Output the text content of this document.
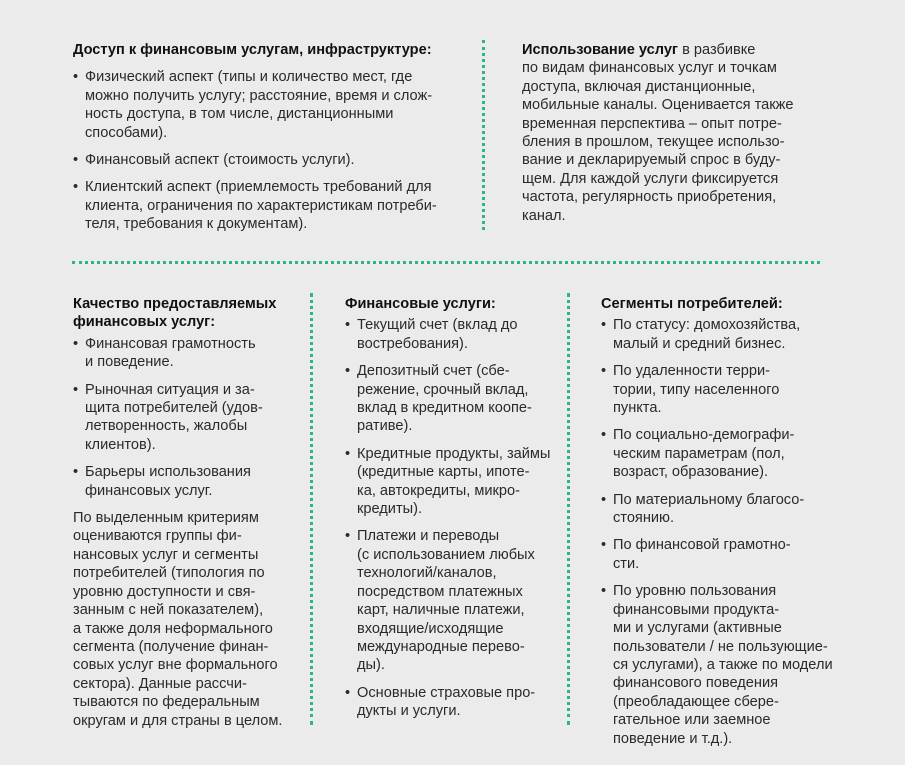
Доступ к финансовым услугам, инфраструктуре:
• Физический аспект (типы и количество мест, где
можно получить услугу; расстояние, время и слож-
ность доступа, в том числе, дистанционными
способами).
• Финансовый аспект (стоимость услуги).
• Клиентский аспект (приемлемость требований для
клиента, ограничения по характеристикам потреби-
теля, требования к документам).
Использование услуг в разбивке
по видам финансовых услуг и точкам
доступа, включая дистанционные,
мобильные каналы. Оценивается также
временная перспектива – опыт потре-
бления в прошлом, текущее использо-
вание и декларируемый спрос в буду-
щем. Для каждой услуги фиксируется
частота, регулярность приобретения,
канал.
Качество предоставляемых
финансовых услуг:
• Финансовая грамотность
и поведение.
• Рыночная ситуация и за-
щита потребителей (удов-
летворенность, жалобы
клиентов).
• Барьеры использования
финансовых услуг.

По выделенным критериям
оцениваются группы фи-
нансовых услуг и сегменты
потребителей (типология по
уровню доступности и свя-
занным с ней показателем),
а также доля неформального
сегмента (получение финан-
совых услуг вне формального
сектора). Данные рассчи-
тываются по федеральным
округам и для страны в целом.

Финансовые услуги:
• Текущий счет (вклад до
востребования).
• Депозитный счет (сбе-
режение, срочный вклад,
вклад в кредитном коопе-
ративе).
• Кредитные продукты, займы
(кредитные карты, ипоте-
ка, автокредиты, микро-
кредиты).
• Платежи и переводы
(с использованием любых
технологий/каналов,
посредством платежных
карт, наличные платежи,
входящие/исходящие
международные перево-
ды).
• Основные страховые про-
дукты и услуги.
Сегменты потребителей:
• По статусу: домохозяйства,
малый и средний бизнес.
• По удаленности терри-
тории, типу населенного
пункта.
• По социально-демографи-
ческим параметрам (пол,
возраст, образование).
• По материальному благосо-
стоянию.
• По финансовой грамотно-
сти.
• По уровню пользования
финансовыми продукта-
ми и услугами (активные
пользователи / не пользующие-
ся услугами), а также по модели
финансового поведения
(преобладающее сбере-
гательное или заемное
поведение и т.д.).
